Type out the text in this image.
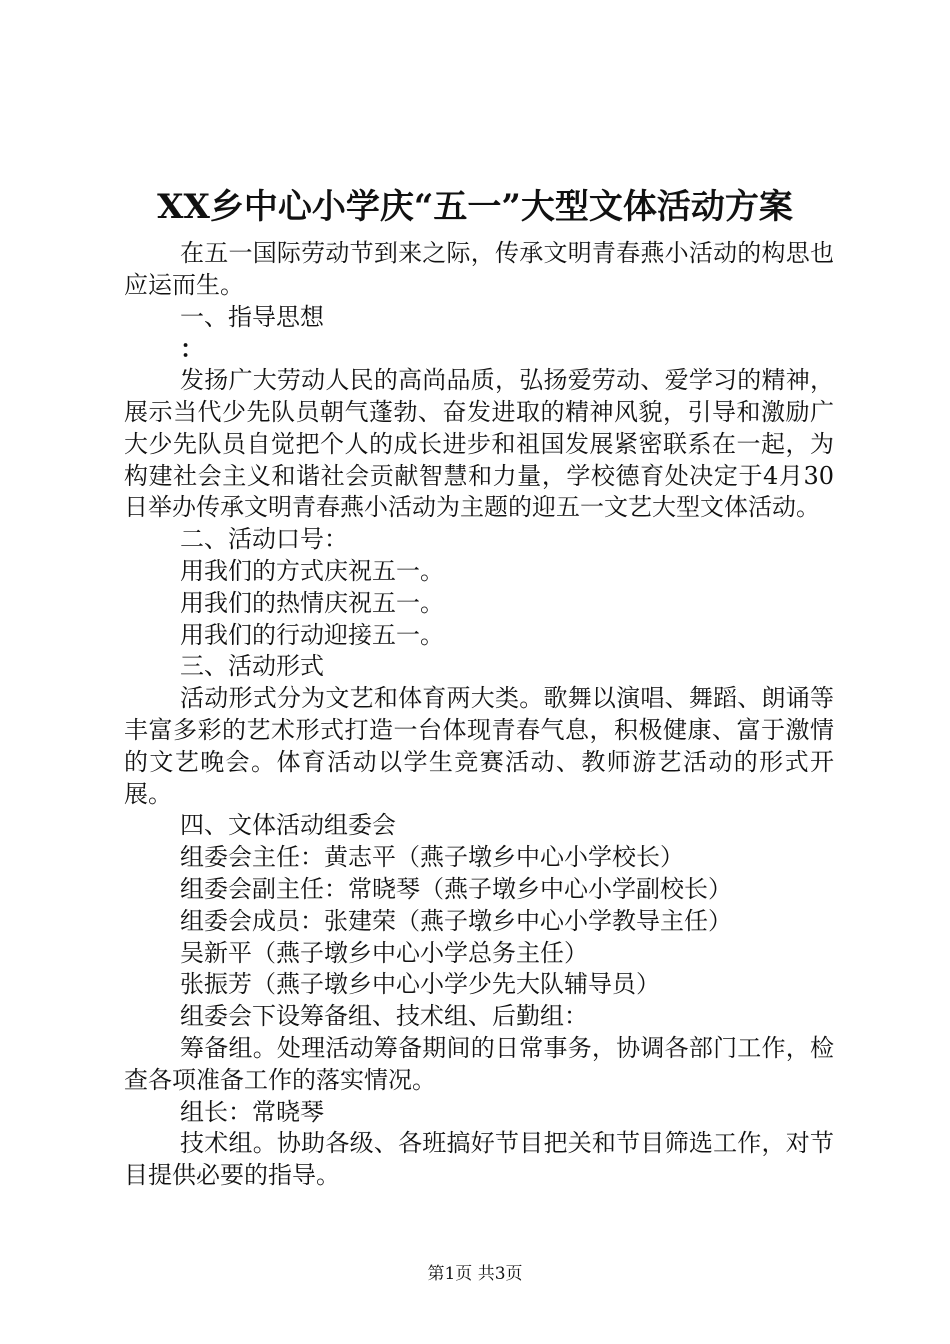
XX乡中心小学庆“五一”大型文体活动方案

在五一国际劳动节到来之际，传承文明青春燕小活动的构思也应运而生。

一、指导思想

：

发扬广大劳动人民的高尚品质，弘扬爱劳动、爱学习的精神，展示当代少先队员朝气蓬勃、奋发进取的精神风貌，引导和激励广大少先队员自觉把个人的成长进步和祖国发展紧密联系在一起，为构建社会主义和谐社会贡献智慧和力量，学校德育处决定于4月30日举办传承文明青春燕小活动为主题的迎五一文艺大型文体活动。

二、活动口号：

用我们的方式庆祝五一。

用我们的热情庆祝五一。

用我们的行动迎接五一。

三、活动形式

活动形式分为文艺和体育两大类。歌舞以演唱、舞蹈、朗诵等丰富多彩的艺术形式打造一台体现青春气息，积极健康、富于激情的文艺晚会。体育活动以学生竞赛活动、教师游艺活动的形式开展。

四、文体活动组委会

组委会主任：黄志平（燕子墩乡中心小学校长）

组委会副主任：常晓琴（燕子墩乡中心小学副校长）

组委会成员：张建荣（燕子墩乡中心小学教导主任）

吴新平（燕子墩乡中心小学总务主任）

张振芳（燕子墩乡中心小学少先大队辅导员）

组委会下设筹备组、技术组、后勤组：

筹备组。处理活动筹备期间的日常事务，协调各部门工作，检查各项准备工作的落实情况。

组长：常晓琴

技术组。协助各级、各班搞好节目把关和节目筛选工作，对节目提供必要的指导。

第1页 共3页
